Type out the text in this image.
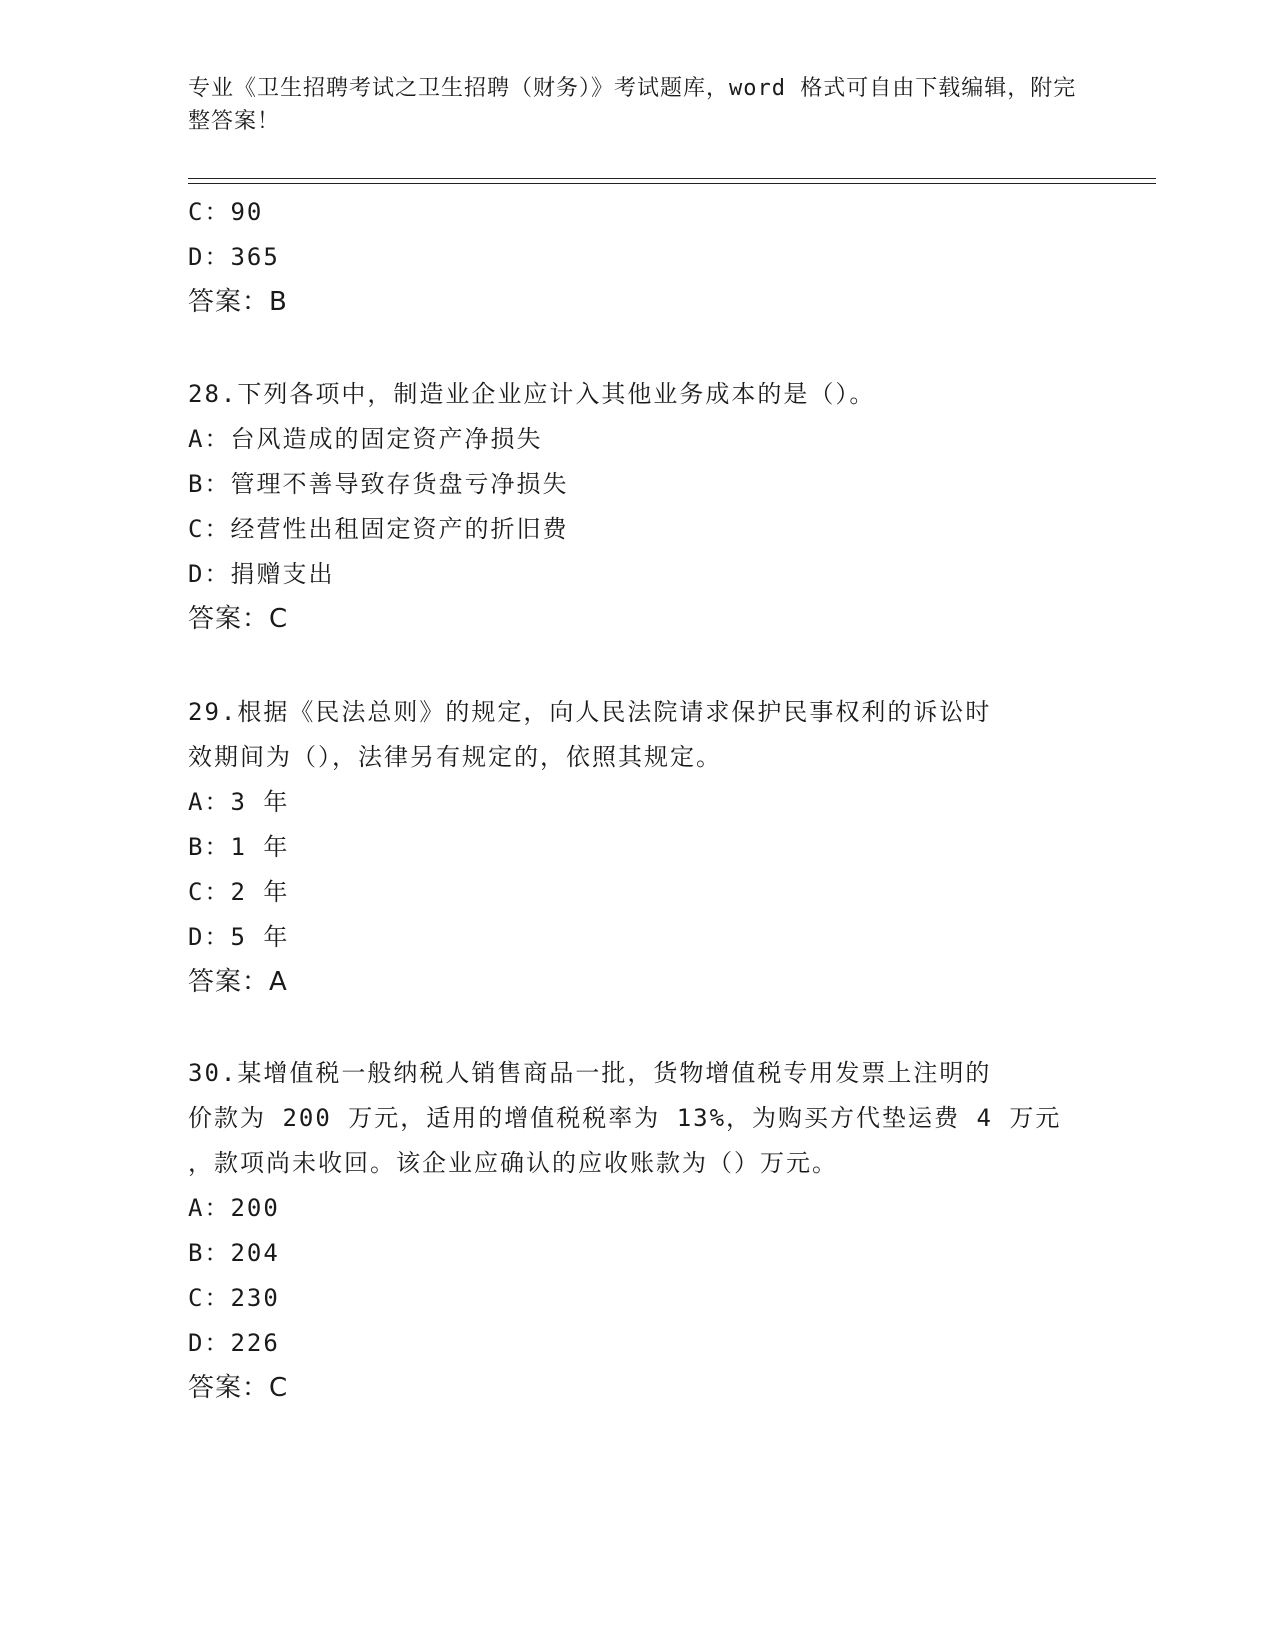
专业《卫生招聘考试之卫生招聘（财务）》考试题库，word 格式可自由下载编辑，附完整答案！
C：90
D：365
答案：B
28.下列各项中，制造业企业应计入其他业务成本的是（）。
A：台风造成的固定资产净损失
B：管理不善导致存货盘亏净损失
C：经营性出租固定资产的折旧费
D：捐赠支出
答案：C
29.根据《民法总则》的规定，向人民法院请求保护民事权利的诉讼时
效期间为（），法律另有规定的，依照其规定。
A：3 年
B：1 年
C：2 年
D：5 年
答案：A
30.某增值税一般纳税人销售商品一批，货物增值税专用发票上注明的
价款为 200 万元，适用的增值税税率为 13%，为购买方代垫运费 4 万元
，款项尚未收回。该企业应确认的应收账款为（）万元。
A：200
B：204
C：230
D：226
答案：C
